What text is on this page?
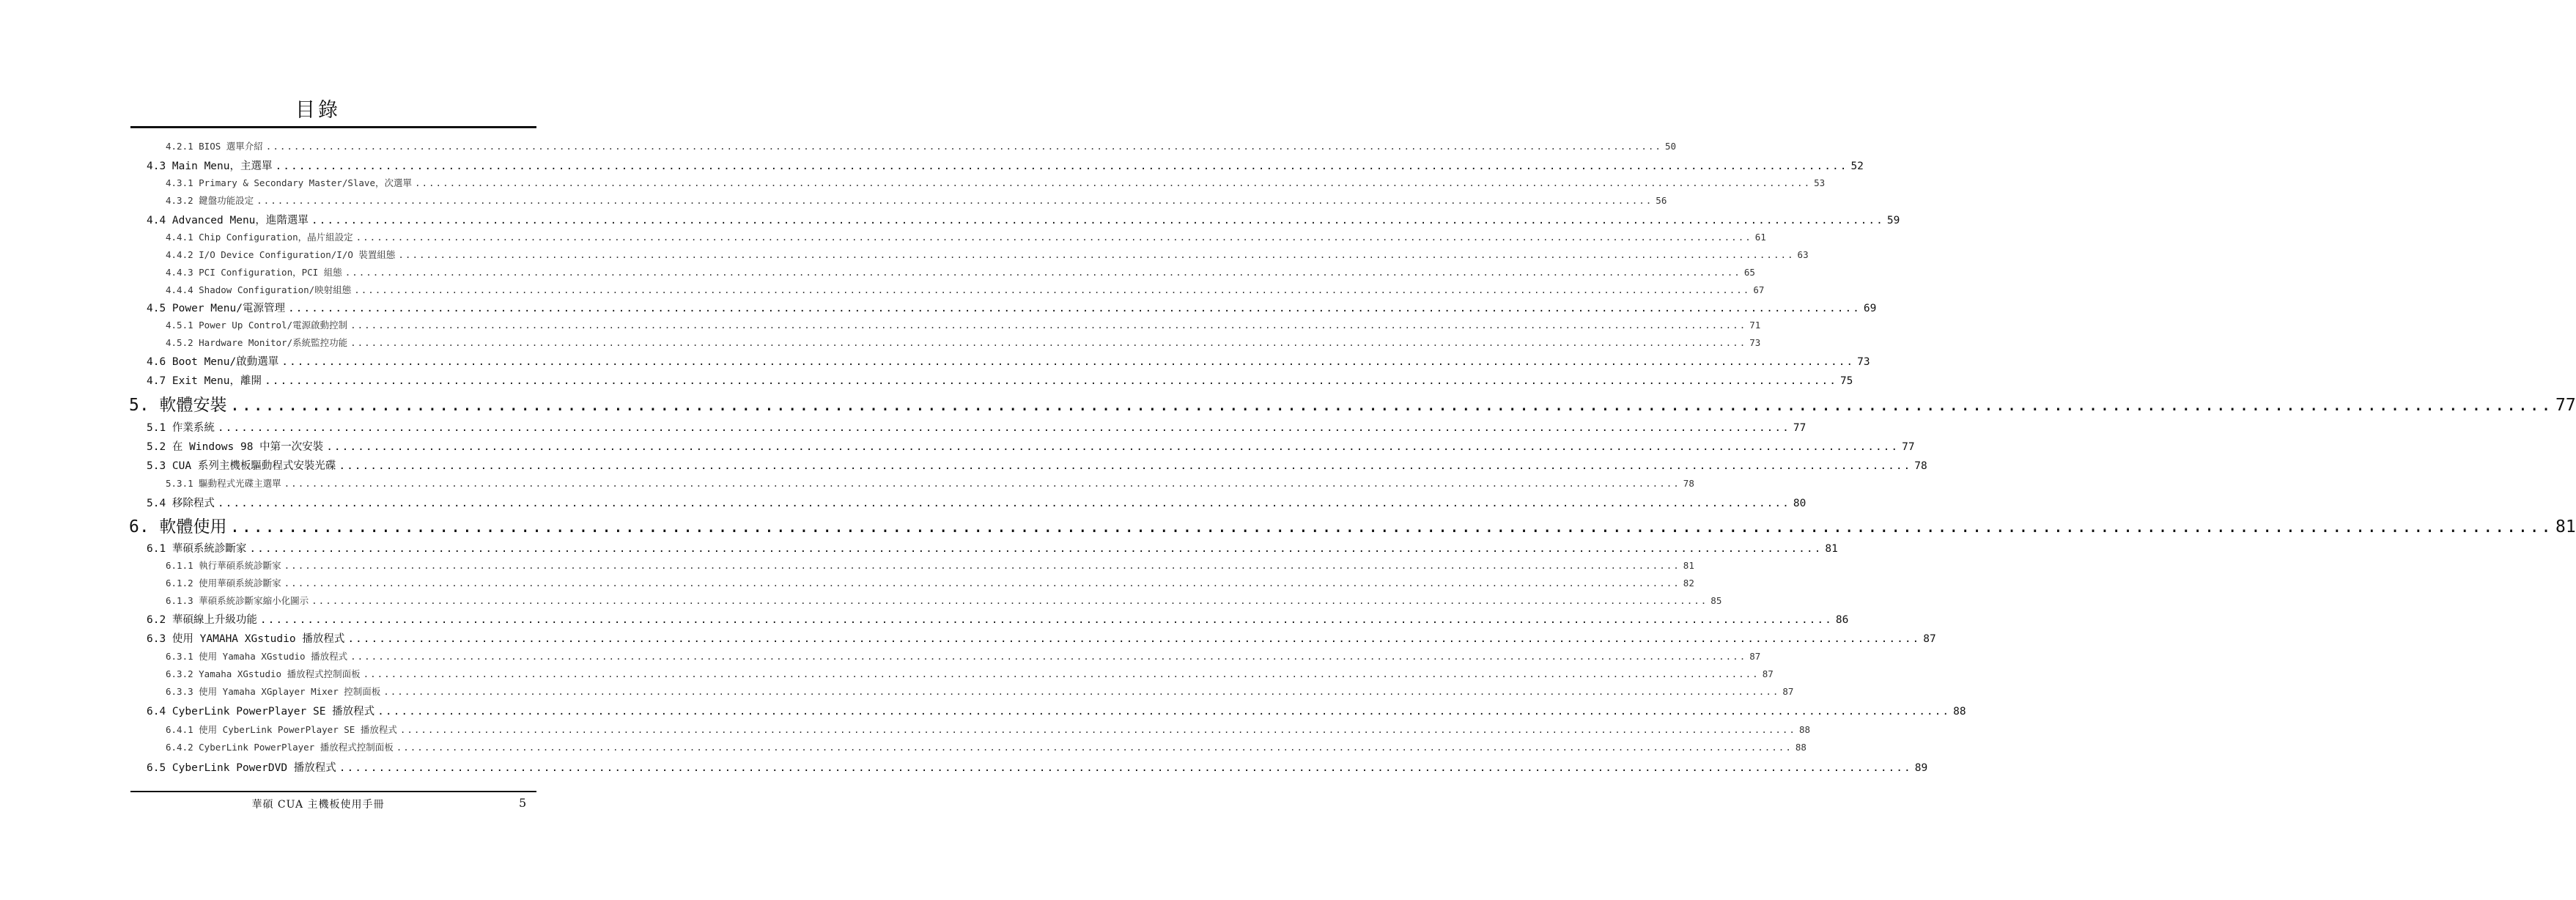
目錄
4.2.1 BIOS 選單介紹 ........................................................................................................................................................................................................ 50
4.3 Main Menu，主選單 ........................................................................................................................................................................................................ 52
4.3.1 Primary & Secondary Master/Slave，次選單 ........................................................................................................................................................................................................ 53
4.3.2 鍵盤功能設定 ........................................................................................................................................................................................................ 56
4.4 Advanced Menu，進階選單 ........................................................................................................................................................................................................ 59
4.4.1 Chip Configuration，晶片組設定 ........................................................................................................................................................................................................ 61
4.4.2 I/O Device Configuration/I/O 裝置組態 ........................................................................................................................................................................................................ 63
4.4.3 PCI Configuration，PCI 組態 ........................................................................................................................................................................................................ 65
4.4.4 Shadow Configuration/映射組態 ........................................................................................................................................................................................................ 67
4.5 Power Menu/電源管理 ........................................................................................................................................................................................................ 69
4.5.1 Power Up Control/電源啟動控制 ........................................................................................................................................................................................................ 71
4.5.2 Hardware Monitor/系統監控功能 ........................................................................................................................................................................................................ 73
4.6 Boot Menu/啟動選單 ........................................................................................................................................................................................................ 73
4.7 Exit Menu，離開 ........................................................................................................................................................................................................ 75
5. 軟體安裝 ........................................................................................................................................................................................................ 77
5.1 作業系統 ........................................................................................................................................................................................................ 77
5.2 在 Windows 98 中第一次安裝 ........................................................................................................................................................................................................ 77
5.3 CUA 系列主機板驅動程式安裝光碟 ........................................................................................................................................................................................................ 78
5.3.1 驅動程式光碟主選單 ........................................................................................................................................................................................................ 78
5.4 移除程式 ........................................................................................................................................................................................................ 80
6. 軟體使用 ........................................................................................................................................................................................................ 81
6.1 華碩系統診斷家 ........................................................................................................................................................................................................ 81
6.1.1 執行華碩系統診斷家 ........................................................................................................................................................................................................ 81
6.1.2 使用華碩系統診斷家 ........................................................................................................................................................................................................ 82
6.1.3 華碩系統診斷家縮小化圖示 ........................................................................................................................................................................................................ 85
6.2 華碩線上升級功能 ........................................................................................................................................................................................................ 86
6.3 使用 YAMAHA XGstudio 播放程式 ........................................................................................................................................................................................................ 87
6.3.1 使用 Yamaha XGstudio 播放程式 ........................................................................................................................................................................................................ 87
6.3.2 Yamaha XGstudio 播放程式控制面板 ........................................................................................................................................................................................................ 87
6.3.3 使用 Yamaha XGplayer Mixer 控制面板 ........................................................................................................................................................................................................ 87
6.4 CyberLink PowerPlayer SE 播放程式 ........................................................................................................................................................................................................ 88
6.4.1 使用 CyberLink PowerPlayer SE 播放程式 ........................................................................................................................................................................................................ 88
6.4.2 CyberLink PowerPlayer 播放程式控制面板 ........................................................................................................................................................................................................ 88
6.5 CyberLink PowerDVD 播放程式 ........................................................................................................................................................................................................ 89
華碩 CUA 主機板使用手冊	5
